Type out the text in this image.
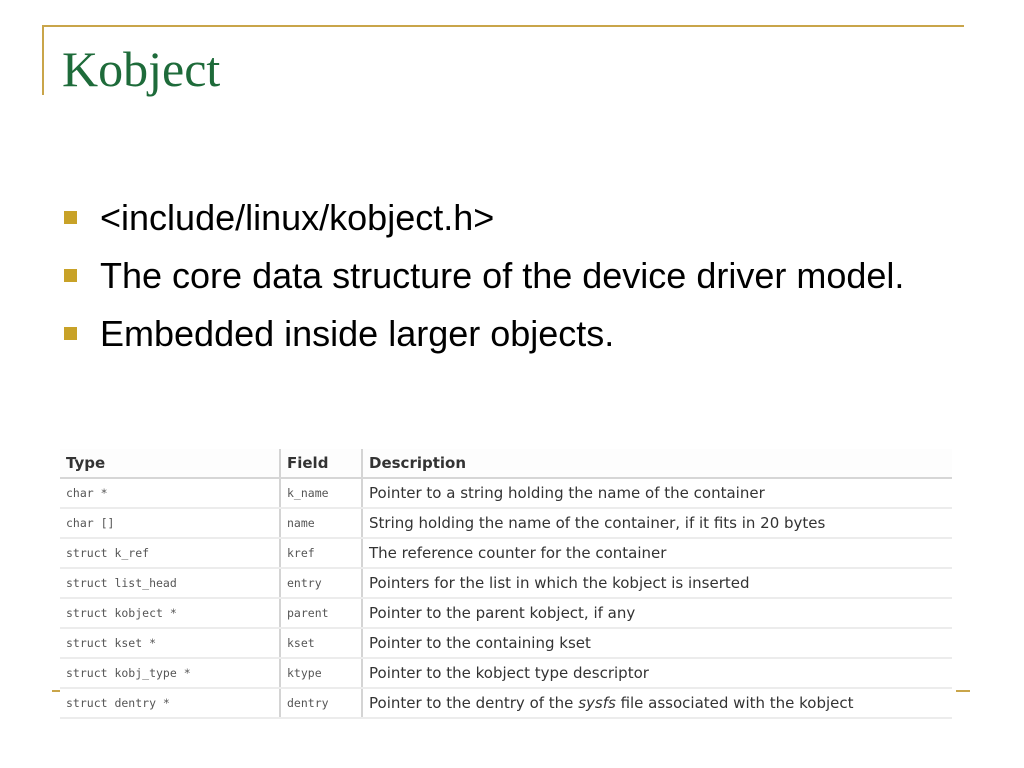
Kobject
<include/linux/kobject.h>
The core data structure of the device driver model.
Embedded inside larger objects.
Type	Field	Description
char *	k_name	Pointer to a string holding the name of the container
char []	name	String holding the name of the container, if it fits in 20 bytes
struct k_ref	kref	The reference counter for the container
struct list_head	entry	Pointers for the list in which the kobject is inserted
struct kobject *	parent	Pointer to the parent kobject, if any
struct kset *	kset	Pointer to the containing kset
struct kobj_type *	ktype	Pointer to the kobject type descriptor
struct dentry *	dentry	Pointer to the dentry of the sysfs file associated with the kobject
